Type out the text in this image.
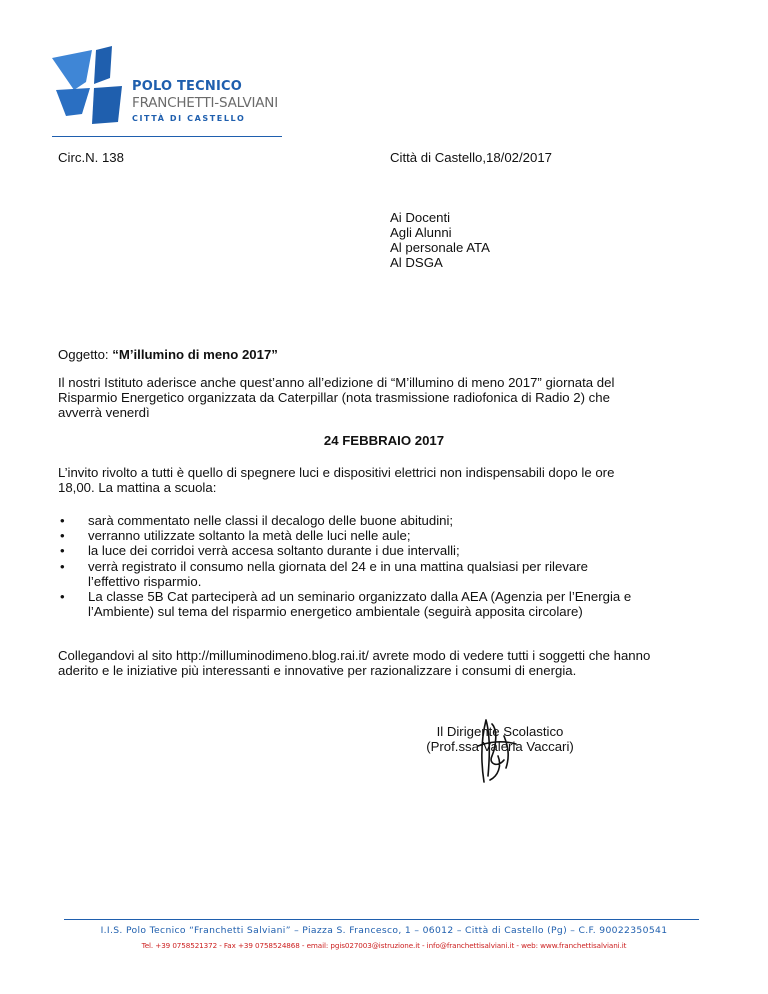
POLO TECNICO
FRANCHETTI-SALVIANI
CITTÀ DI CASTELLO
Circ.N. 138	Città di Castello,18/02/2017
Ai Docenti
Agli Alunni
Al personale ATA
Al DSGA
Oggetto: “M’illumino di meno 2017”
Il nostri Istituto aderisce anche quest’anno all’edizione di “M’illumino di meno 2017” giornata del Risparmio Energetico organizzata da Caterpillar (nota trasmissione radiofonica di Radio 2) che avverrà venerdì
24 FEBBRAIO 2017
L’invito rivolto a tutti è quello di spegnere luci e dispositivi elettrici non indispensabili dopo le ore 18,00. La mattina a scuola:
• sarà commentato nelle classi il decalogo delle buone abitudini;
• verranno utilizzate soltanto la metà delle luci nelle aule;
• la luce dei corridoi verrà accesa soltanto durante i due intervalli;
• verrà registrato il consumo nella giornata del 24 e in una mattina qualsiasi per rilevare l’effettivo risparmio.
• La classe 5B Cat parteciperà ad un seminario organizzato dalla AEA (Agenzia per l’Energia e l’Ambiente) sul tema del risparmio energetico ambientale (seguirà apposita circolare)
Collegandovi al sito http://milluminodimeno.blog.rai.it/ avrete modo di vedere tutti i soggetti che hanno aderito e le iniziative più interessanti e innovative per razionalizzare i consumi di energia.
Il Dirigente Scolastico
(Prof.ssa Valeria Vaccari)
I.I.S. Polo Tecnico “Franchetti Salviani” – Piazza S. Francesco, 1 – 06012 – Città di Castello (Pg) – C.F. 90022350541
Tel. +39 0758521372 - Fax +39 0758524868 - email: pgis027003@istruzione.it - info@franchettisalviani.it - web: www.franchettisalviani.it
